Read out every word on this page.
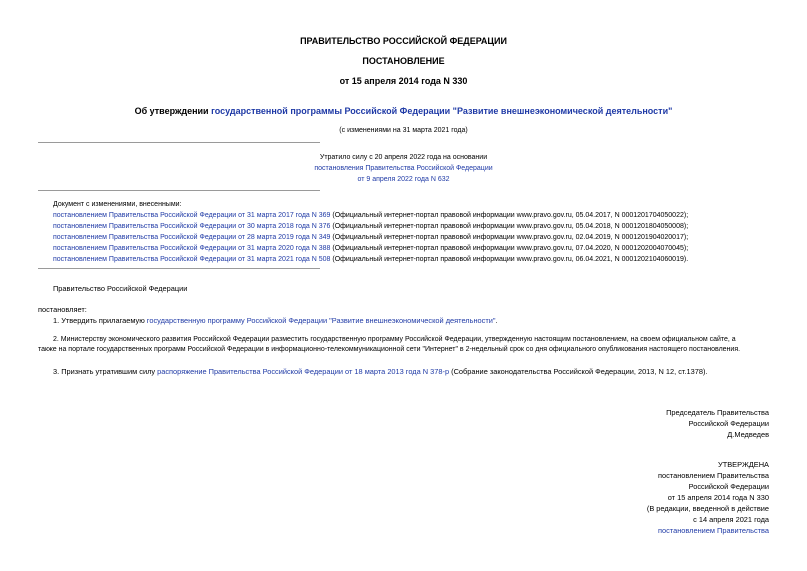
ПРАВИТЕЛЬСТВО РОССИЙСКОЙ ФЕДЕРАЦИИ
ПОСТАНОВЛЕНИЕ
от 15 апреля 2014 года N 330
Об утверждении государственной программы Российской Федерации "Развитие внешнеэкономической деятельности"
(с изменениями на 31 марта 2021 года)
Утратило силу с 20 апреля 2022 года на основании
постановления Правительства Российской Федерации
от 9 апреля 2022 года N 632
Документ с изменениями, внесенными:
постановлением Правительства Российской Федерации от 31 марта 2017 года N 369 (Официальный интернет-портал правовой информации www.pravo.gov.ru, 05.04.2017, N 0001201704050022);
постановлением Правительства Российской Федерации от 30 марта 2018 года N 376 (Официальный интернет-портал правовой информации www.pravo.gov.ru, 05.04.2018, N 0001201804050008);
постановлением Правительства Российской Федерации от 28 марта 2019 года N 349 (Официальный интернет-портал правовой информации www.pravo.gov.ru, 02.04.2019, N 0001201904020017);
постановлением Правительства Российской Федерации от 31 марта 2020 года N 388 (Официальный интернет-портал правовой информации www.pravo.gov.ru, 07.04.2020, N 0001202004070045);
постановлением Правительства Российской Федерации от 31 марта 2021 года N 508 (Официальный интернет-портал правовой информации www.pravo.gov.ru, 06.04.2021, N 0001202104060019).
Правительство Российской Федерации
постановляет:
1. Утвердить прилагаемую государственную программу Российской Федерации "Развитие внешнеэкономической деятельности".
2. Министерству экономического развития Российской Федерации разместить государственную программу Российской Федерации, утвержденную настоящим постановлением, на своем официальном сайте, а
также на портале государственных программ Российской Федерации в информационно-телекоммуникационной сети "Интернет" в 2-недельный срок со дня официального опубликования настоящего постановления.
3. Признать утратившим силу распоряжение Правительства Российской Федерации от 18 марта 2013 года N 378-р (Собрание законодательства Российской Федерации, 2013, N 12, ст.1378).
Председатель Правительства
Российской Федерации
Д.Медведев
УТВЕРЖДЕНА
постановлением Правительства
Российской Федерации
от 15 апреля 2014 года N 330
(В редакции, введенной в действие
с 14 апреля 2021 года
постановлением Правительства
